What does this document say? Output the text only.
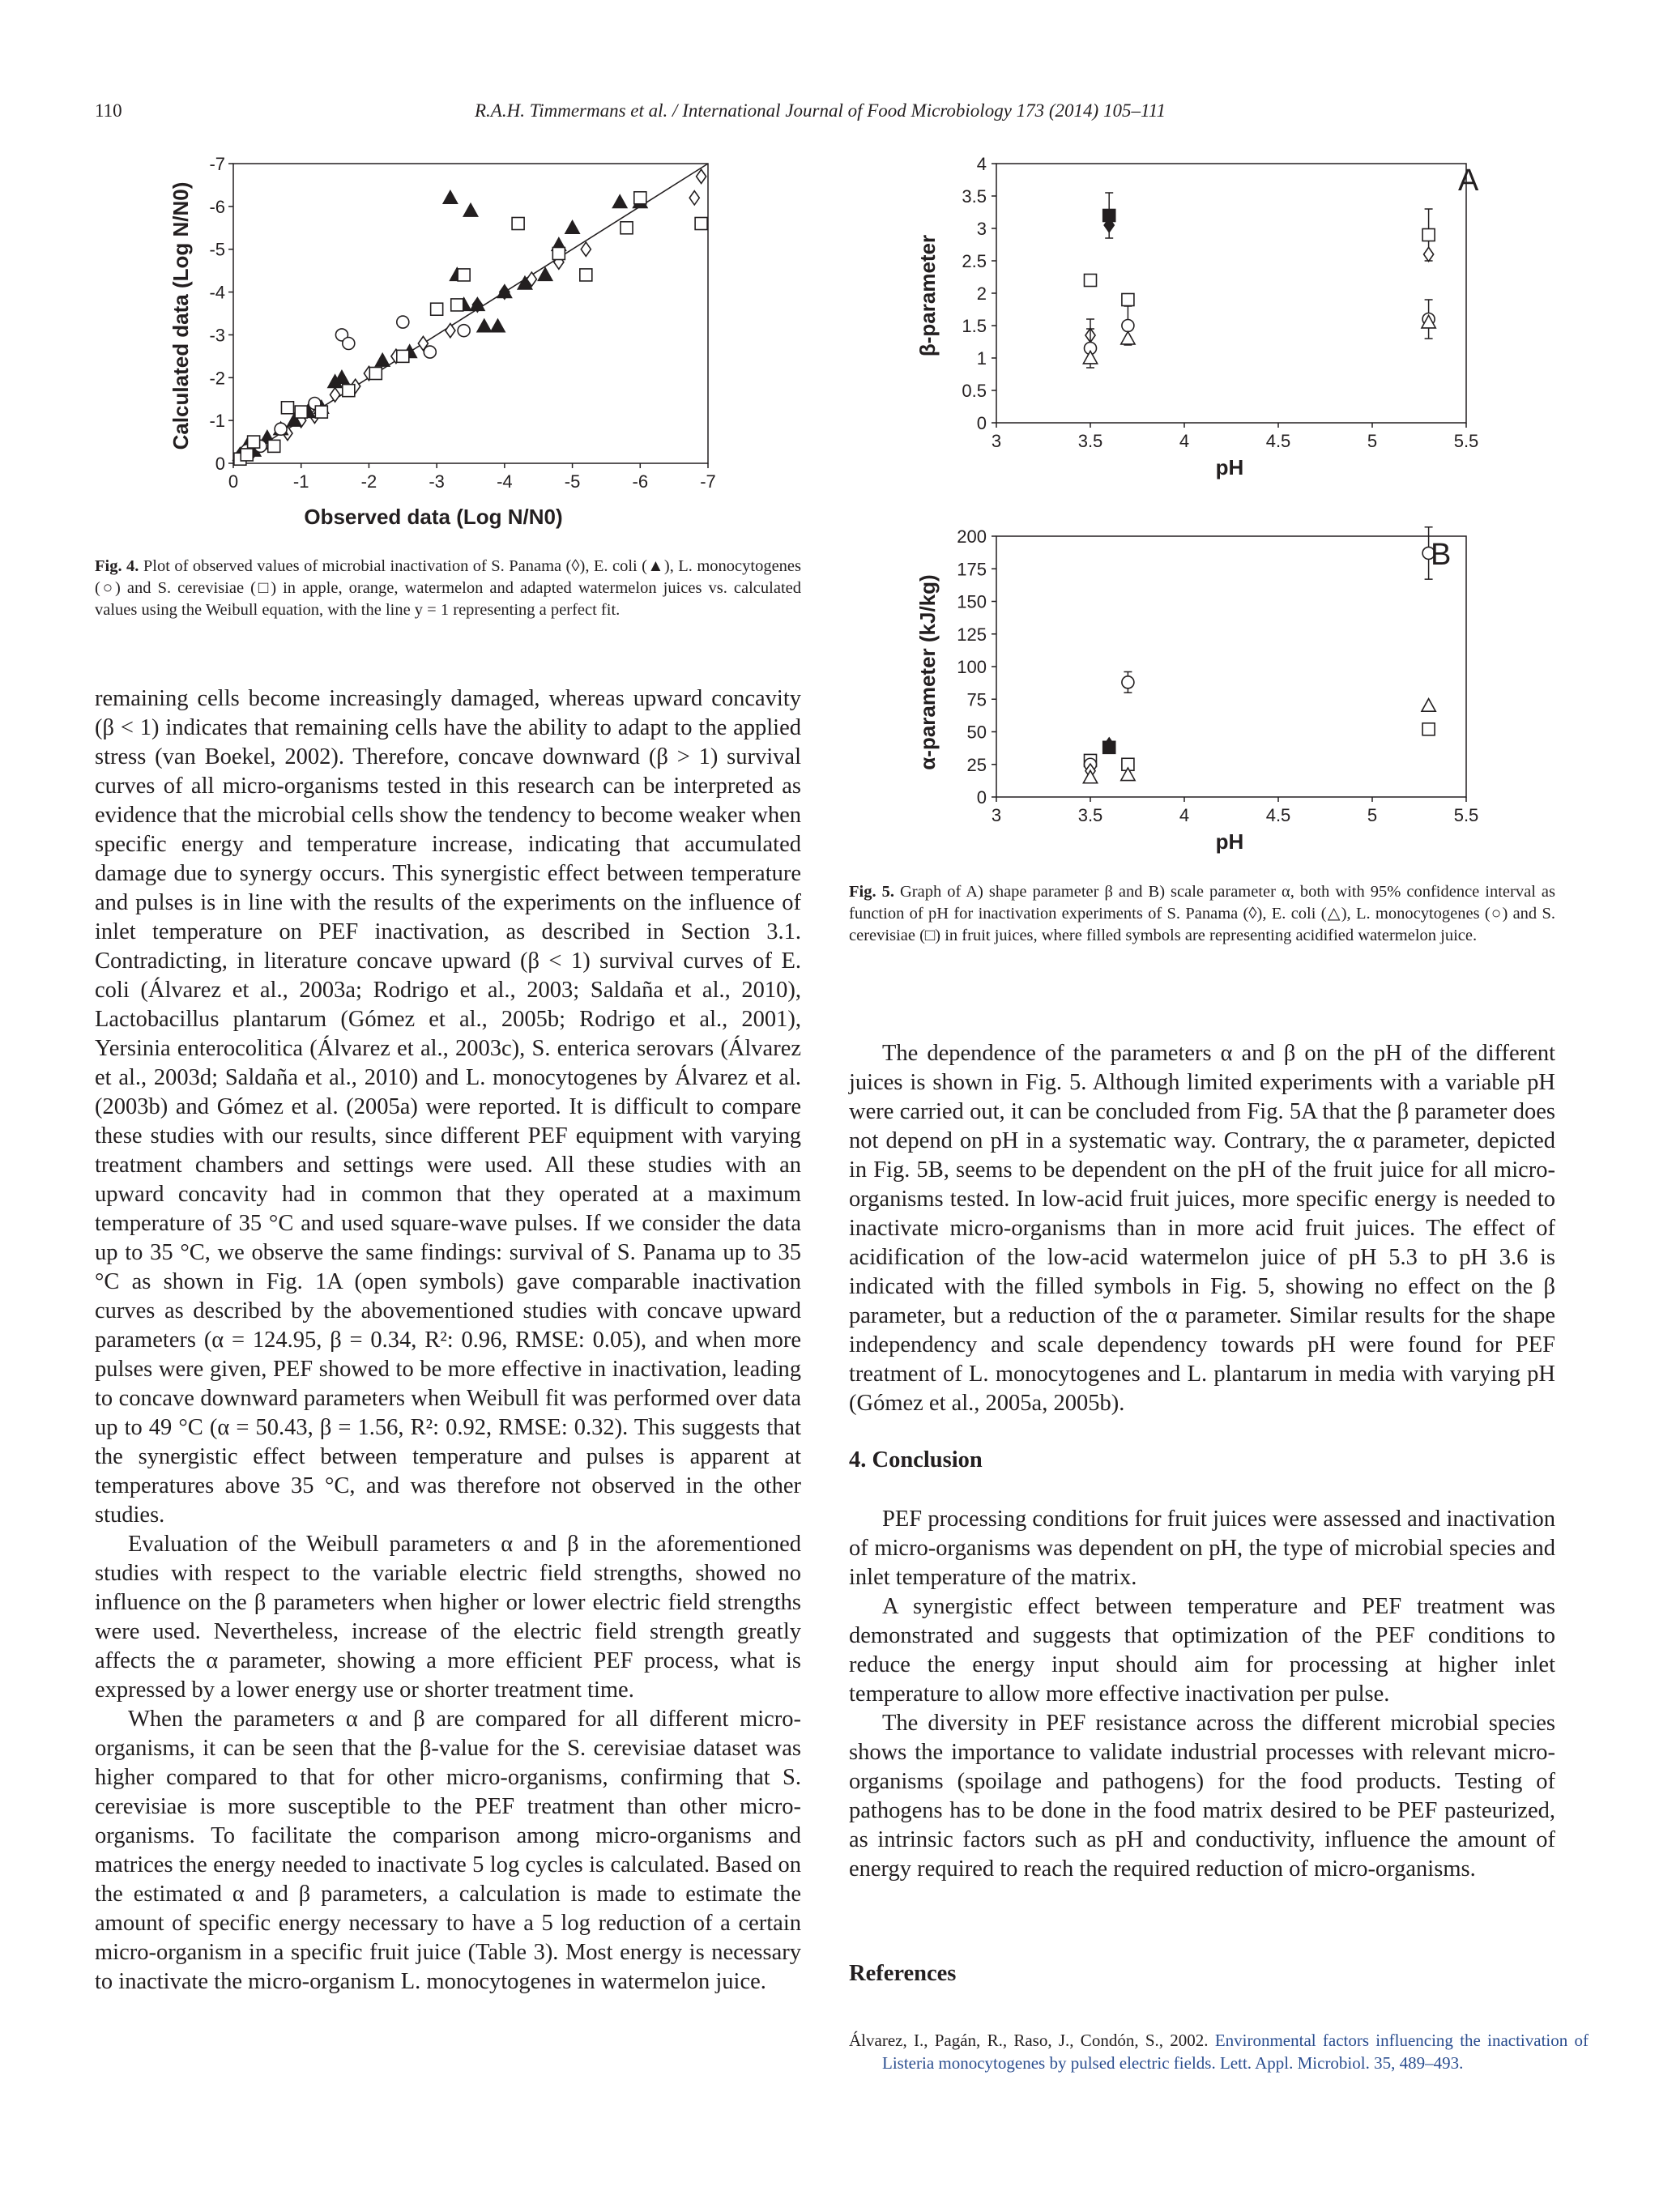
110	R.A.H. Timmermans et al. / International Journal of Food Microbiology 173 (2014) 105–111
0	-1	-2	-3	-4	-5	-6	-7
0
-1
-2
-3
-4
-5
-6
-7
Observed data (Log N/N0)
Calculated data (Log N/N0)

Fig. 4. Plot of observed values of microbial inactivation of S. Panama (◊), E. coli (▲), L. monocytogenes (○) and S. cerevisiae (□) in apple, orange, watermelon and adapted watermelon juices vs. calculated values using the Weibull equation, with the line y = 1 representing a perfect fit.

3	3.5	4	4.5	5	5.5
0
0.5
1
1.5
2
2.5
3
3.5
4	A
pH
β-parameter
3	3.5	4	4.5	5	5.5
0
25
50
75
100
125
150
175
200
B
pH
α-parameter (kJ/kg)

Fig. 5. Graph of A) shape parameter β and B) scale parameter α, both with 95% confidence interval as function of pH for inactivation experiments of S. Panama (◊), E. coli (△), L. monocytogenes (○) and S. cerevisiae (□) in fruit juices, where filled symbols are representing acidified watermelon juice.

remaining cells become increasingly damaged, whereas upward concavity (β < 1) indicates that remaining cells have the ability to adapt to the applied stress (van Boekel, 2002). Therefore, concave downward (β > 1) survival curves of all micro-organisms tested in this research can be interpreted as evidence that the microbial cells show the tendency to become weaker when specific energy and temperature increase, indicating that accumulated damage due to synergy occurs. This synergistic effect between temperature and pulses is in line with the results of the experiments on the influence of inlet temperature on PEF inactivation, as described in Section 3.1. Contradicting, in literature concave upward (β < 1) survival curves of E. coli (Álvarez et al., 2003a; Rodrigo et al., 2003; Saldaña et al., 2010), Lactobacillus plantarum (Gómez et al., 2005b; Rodrigo et al., 2001), Yersinia enterocolitica (Álvarez et al., 2003c), S. enterica serovars (Álvarez et al., 2003d; Saldaña et al., 2010) and L. monocytogenes by Álvarez et al. (2003b) and Gómez et al. (2005a) were reported. It is difficult to compare these studies with our results, since different PEF equipment with varying treatment chambers and settings were used. All these studies with an upward concavity had in common that they operated at a maximum temperature of 35 °C and used square-wave pulses. If we consider the data up to 35 °C, we observe the same findings: survival of S. Panama up to 35 °C as shown in Fig. 1A (open symbols) gave comparable inactivation curves as described by the abovementioned studies with concave upward parameters (α = 124.95, β = 0.34, R²: 0.96, RMSE: 0.05), and when more pulses were given, PEF showed to be more effective in inactivation, leading to concave downward parameters when Weibull fit was performed over data up to 49 °C (α = 50.43, β = 1.56, R²: 0.92, RMSE: 0.32). This suggests that the synergistic effect between temperature and pulses is apparent at temperatures above 35 °C, and was therefore not observed in the other studies.

Evaluation of the Weibull parameters α and β in the aforementioned studies with respect to the variable electric field strengths, showed no influence on the β parameters when higher or lower electric field strengths were used. Nevertheless, increase of the electric field strength greatly affects the α parameter, showing a more efficient PEF process, what is expressed by a lower energy use or shorter treatment time.

When the parameters α and β are compared for all different micro-organisms, it can be seen that the β-value for the S. cerevisiae dataset was higher compared to that for other micro-organisms, confirming that S. cerevisiae is more susceptible to the PEF treatment than other micro-organisms. To facilitate the comparison among micro-organisms and matrices the energy needed to inactivate 5 log cycles is calculated. Based on the estimated α and β parameters, a calculation is made to estimate the amount of specific energy necessary to have a 5 log reduction of a certain micro-organism in a specific fruit juice (Table 3). Most energy is necessary to inactivate the micro-organism L. monocytogenes in watermelon juice.

The dependence of the parameters α and β on the pH of the different juices is shown in Fig. 5. Although limited experiments with a variable pH were carried out, it can be concluded from Fig. 5A that the β parameter does not depend on pH in a systematic way. Contrary, the α parameter, depicted in Fig. 5B, seems to be dependent on the pH of the fruit juice for all micro-organisms tested. In low-acid fruit juices, more specific energy is needed to inactivate micro-organisms than in more acid fruit juices. The effect of acidification of the low-acid watermelon juice of pH 5.3 to pH 3.6 is indicated with the filled symbols in Fig. 5, showing no effect on the β parameter, but a reduction of the α parameter. Similar results for the shape independency and scale dependency towards pH were found for PEF treatment of L. monocytogenes and L. plantarum in media with varying pH (Gómez et al., 2005a, 2005b).

4. Conclusion

PEF processing conditions for fruit juices were assessed and inactivation of micro-organisms was dependent on pH, the type of microbial species and inlet temperature of the matrix.

A synergistic effect between temperature and PEF treatment was demonstrated and suggests that optimization of the PEF conditions to reduce the energy input should aim for processing at higher inlet temperature to allow more effective inactivation per pulse.

The diversity in PEF resistance across the different microbial species shows the importance to validate industrial processes with relevant micro-organisms (spoilage and pathogens) for the food products. Testing of pathogens has to be done in the food matrix desired to be PEF pasteurized, as intrinsic factors such as pH and conductivity, influence the amount of energy required to reach the required reduction of micro-organisms.

References

Álvarez, I., Pagán, R., Raso, J., Condón, S., 2002. Environmental factors influencing the inactivation of Listeria monocytogenes by pulsed electric fields. Lett. Appl. Microbiol. 35, 489–493.
